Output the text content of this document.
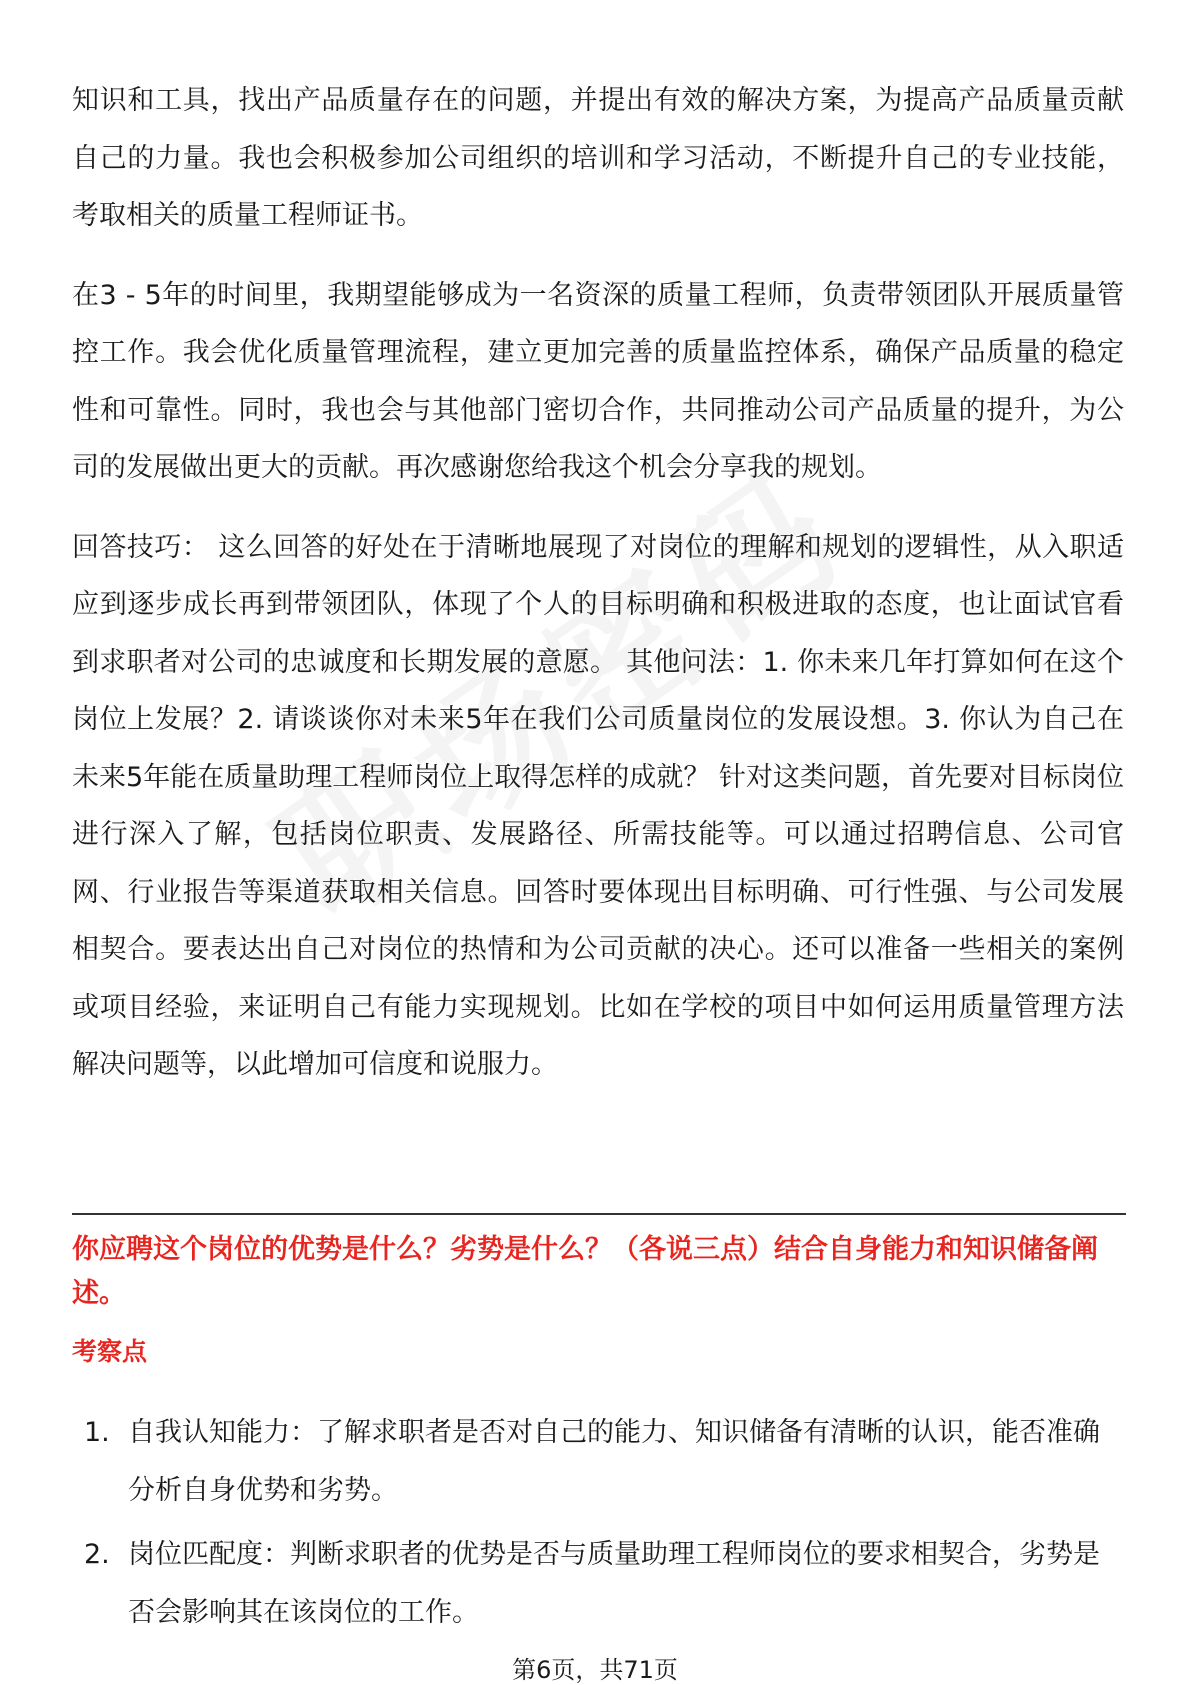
知识和工具，找出产品质量存在的问题，并提出有效的解决方案，为提高产品质量贡献自己的力量。我也会积极参加公司组织的培训和学习活动，不断提升自己的专业技能，考取相关的质量工程师证书。

在3 - 5年的时间里，我期望能够成为一名资深的质量工程师，负责带领团队开展质量管控工作。我会优化质量管理流程，建立更加完善的质量监控体系，确保产品质量的稳定性和可靠性。同时，我也会与其他部门密切合作，共同推动公司产品质量的提升，为公司的发展做出更大的贡献。再次感谢您给我这个机会分享我的规划。

回答技巧： 这么回答的好处在于清晰地展现了对岗位的理解和规划的逻辑性，从入职适应到逐步成长再到带领团队，体现了个人的目标明确和积极进取的态度，也让面试官看到求职者对公司的忠诚度和长期发展的意愿。 其他问法：1. 你未来几年打算如何在这个岗位上发展？2. 请谈谈你对未来5年在我们公司质量岗位的发展设想。3. 你认为自己在未来5年能在质量助理工程师岗位上取得怎样的成就？ 针对这类问题，首先要对目标岗位进行深入了解，包括岗位职责、发展路径、所需技能等。可以通过招聘信息、公司官网、行业报告等渠道获取相关信息。回答时要体现出目标明确、可行性强、与公司发展相契合。要表达出自己对岗位的热情和为公司贡献的决心。还可以准备一些相关的案例或项目经验，来证明自己有能力实现规划。比如在学校的项目中如何运用质量管理方法解决问题等，以此增加可信度和说服力。

你应聘这个岗位的优势是什么？劣势是什么？（各说三点）结合自身能力和知识储备阐述。

考察点

1. 自我认知能力：了解求职者是否对自己的能力、知识储备有清晰的认识，能否准确分析自身优势和劣势。
2. 岗位匹配度：判断求职者的优势是否与质量助理工程师岗位的要求相契合，劣势是否会影响其在该岗位的工作。
第6页，共71页
